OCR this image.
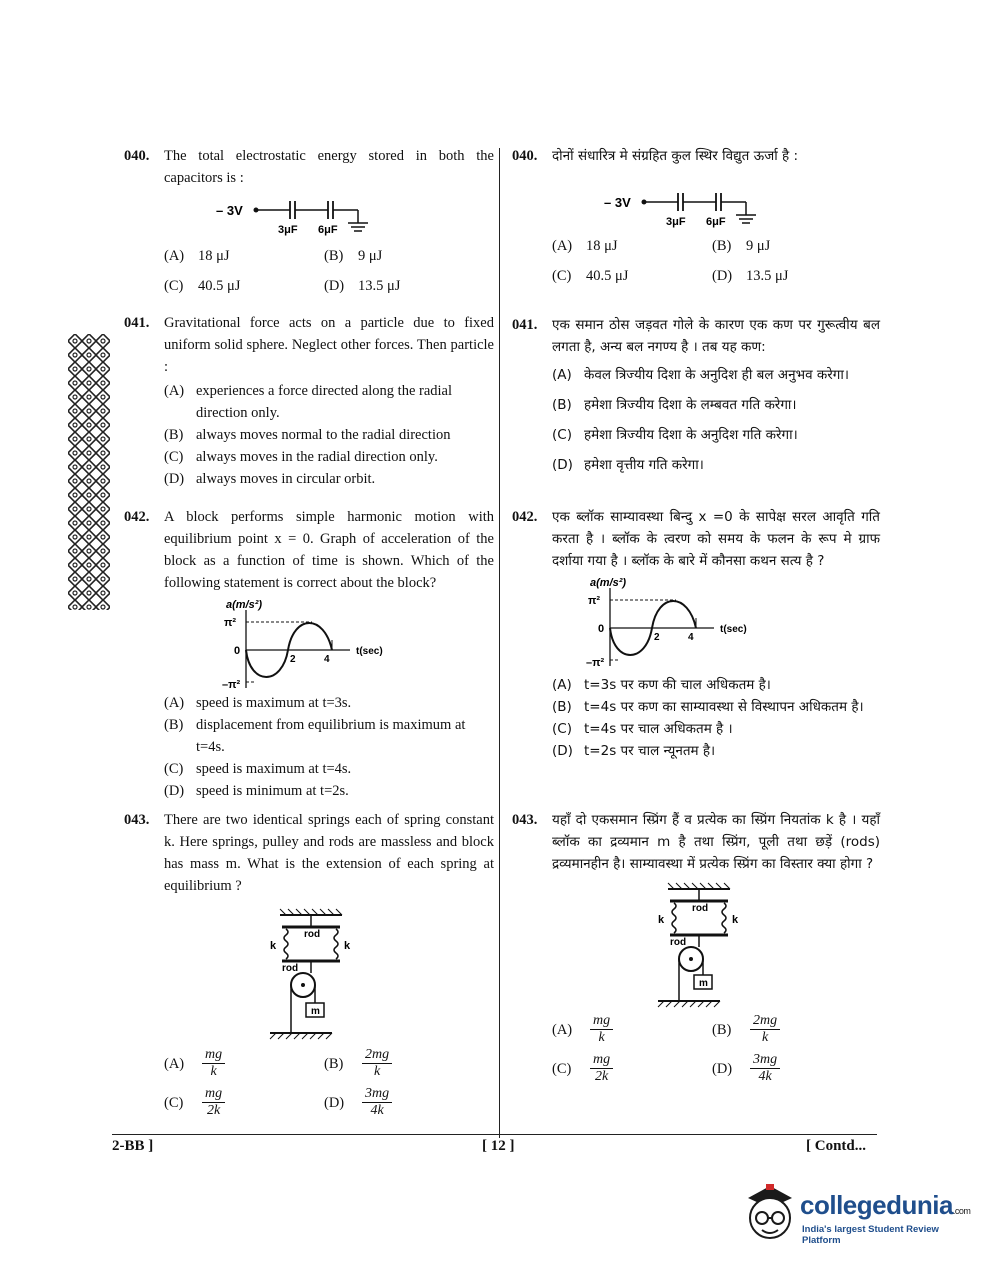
040. The total electrostatic energy stored in both the capacitors is :
– 3V
3μF 6μF
(A) 18 μJ	(B)	9 μJ
(C)	40.5 μJ	(D) 13.5 μJ
041. Gravitational force acts on a particle due to fixed uniform solid sphere. Neglect other forces. Then particle :
(A) experiences a force directed along the radial direction only.
(B) always moves normal to the radial direction
(C) always moves in the radial direction only.
(D) always moves in circular orbit.
042. A block performs simple harmonic motion with equilibrium point x = 0. Graph of acceleration of the block as a function of time is shown. Which of the following statement is correct about the block?
a(m/s²)
π²
0
–π²
2	4
t(sec)
(A) speed is maximum at t=3s.
(B) displacement from equilibrium is maximum at t=4s.
(C) speed is maximum at t=4s.
(D) speed is minimum at t=2s.
043. There are two identical springs each of spring constant k. Here springs, pulley and rods are massless and block has mass m. What is the extension of each spring at equilibrium ?
rod
k	k
rod
m
(A)	$\frac{mg}{k}$	(B)	$\frac{2mg}{k}$
(C)	$\frac{mg}{2k}$	(D)	$\frac{3mg}{4k}$
040. दोनों संधारित्र मे संग्रहित कुल स्थिर विद्युत ऊर्जा है :
– 3V
3μF 6μF
(A) 18 μJ	(B)	9 μJ
(C)	40.5 μJ	(D) 13.5 μJ
041. एक समान ठोस जड़वत गोले के कारण एक कण पर गुरूत्वीय बल लगता है, अन्य बल नगण्य है । तब यह कण:
(A) केवल त्रिज्यीय दिशा के अनुदिश ही बल अनुभव करेगा।
(B) हमेशा त्रिज्यीय दिशा के लम्बवत गति करेगा।
(C) हमेशा त्रिज्यीय दिशा के अनुदिश गति करेगा।
(D) हमेशा वृत्तीय गति करेगा।
042. एक ब्लॉक साम्यावस्था बिन्दु x =0 के सापेक्ष सरल आवृति गति करता है । ब्लॉक के त्वरण को समय के फलन के रूप मे ग्राफ दर्शाया गया है । ब्लॉक के बारे में कौनसा कथन सत्य है ?
a(m/s²)
π²
0
–π²
2	4
t(sec)
(A) t=3s पर कण की चाल अधिकतम है।
(B) t=4s पर कण का साम्यावस्था से विस्थापन अधिकतम है।
(C) t=4s पर चाल अधिकतम है ।
(D) t=2s पर चाल न्यूनतम है।
043. यहाँ दो एकसमान स्प्रिंग हैं व प्रत्येक का स्प्रिंग नियतांक k है । यहाँ ब्लॉक का द्रव्यमान m है तथा स्प्रिंग, पूली तथा छड़ें (rods) द्रव्यमानहीन है। साम्यावस्था में प्रत्येक स्प्रिंग का विस्तार क्या होगा ?
rod
k	k
rod
m
(A)	$\frac{mg}{k}$	(B)	$\frac{2mg}{k}$
(C)	$\frac{mg}{2k}$	(D)	$\frac{3mg}{4k}$
2-BB ]	[ 12 ]	[ Contd...
collegedunia.com
India's largest Student Review Platform
